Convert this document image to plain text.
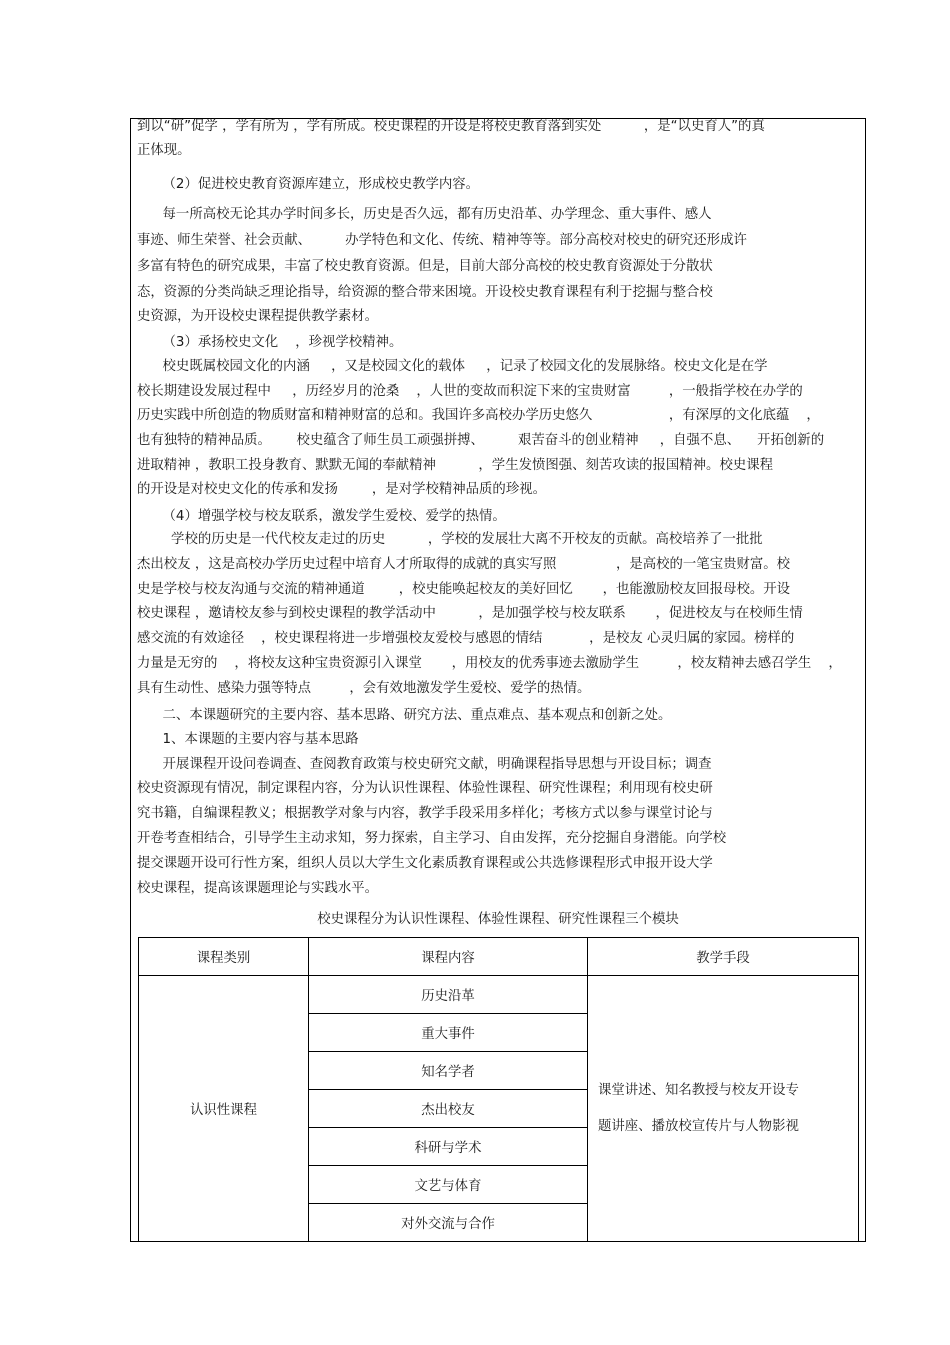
到以“研”促学 ，学有所为 ，学有所成。校史课程的开设是将校史教育落到实处          ，是“以史育人”的真
正体现。
（2）促进校史教育资源库建立，形成校史教学内容。
每一所高校无论其办学时间多长，历史是否久远，都有历史沿革、办学理念、重大事件、感人
事迹、师生荣誉、社会贡献、        办学特色和文化、传统、精神等等。部分高校对校史的研究还形成许
多富有特色的研究成果，丰富了校史教育资源。但是，目前大部分高校的校史教育资源处于分散状
态，资源的分类尚缺乏理论指导，给资源的整合带来困境。开设校史教育课程有利于挖掘与整合校
史资源，为开设校史课程提供教学素材。
（3）承扬校史文化    ，珍视学校精神。
校史既属校园文化的内涵     ，又是校园文化的载体     ，记录了校园文化的发展脉络。校史文化是在学
校长期建设发展过程中     ，历经岁月的沧桑    ，人世的变故而积淀下来的宝贵财富         ，一般指学校在办学的
历史实践中所创造的物质财富和精神财富的总和。我国许多高校办学历史悠久                  ，有深厚的文化底蕴    ，
也有独特的精神品质。      校史蕴含了师生员工顽强拼搏、        艰苦奋斗的创业精神     ，自强不息、    开拓创新的
进取精神 ，教职工投身教育、默默无闻的奉献精神          ，学生发愤图强、刻苦攻读的报国精神。校史课程
的开设是对校史文化的传承和发扬        ，是对学校精神品质的珍视。
（4）增强学校与校友联系，激发学生爱校、爱学的热情。
学校的历史是一代代校友走过的历史          ，学校的发展壮大离不开校友的贡献。高校培养了一批批
杰出校友 ，这是高校办学历史过程中培育人才所取得的成就的真实写照              ，是高校的一笔宝贵财富。校
史是学校与校友沟通与交流的精神通道        ，校史能唤起校友的美好回忆       ，也能激励校友回报母校。开设
校史课程 ，邀请校友参与到校史课程的教学活动中          ，是加强学校与校友联系       ，促进校友与在校师生情
感交流的有效途径    ，校史课程将进一步增强校友爱校与感恩的情结           ，是校友 心灵归属的家园。榜样的
力量是无穷的    ，将校友这种宝贵资源引入课堂       ，用校友的优秀事迹去激励学生         ，校友精神去感召学生    ，
具有生动性、感染力强等特点         ，会有效地激发学生爱校、爱学的热情。
二、本课题研究的主要内容、基本思路、研究方法、重点难点、基本观点和创新之处。
1、本课题的主要内容与基本思路
开展课程开设问卷调查、查阅教育政策与校史研究文献，明确课程指导思想与开设目标；调查
校史资源现有情况，制定课程内容，分为认识性课程、体验性课程、研究性课程；利用现有校史研
究书籍，自编课程教义；根据教学对象与内容，教学手段采用多样化；考核方式以参与课堂讨论与
开卷考查相结合，引导学生主动求知，努力探索，自主学习、自由发挥，充分挖掘自身潜能。向学校
提交课题开设可行性方案，组织人员以大学生文化素质教育课程或公共选修课程形式申报开设大学
校史课程，提高该课题理论与实践水平。
校史课程分为认识性课程、体验性课程、研究性课程三个模块
课程类别	课程内容	教学手段
认识性课程	历史沿革	课堂讲述、知名教授与校友开设专
题讲座、播放校宣传片与人物影视

	重大事件	
	知名学者	
	杰出校友	
	科研与学术	
	文艺与体育	
	对外交流与合作	
